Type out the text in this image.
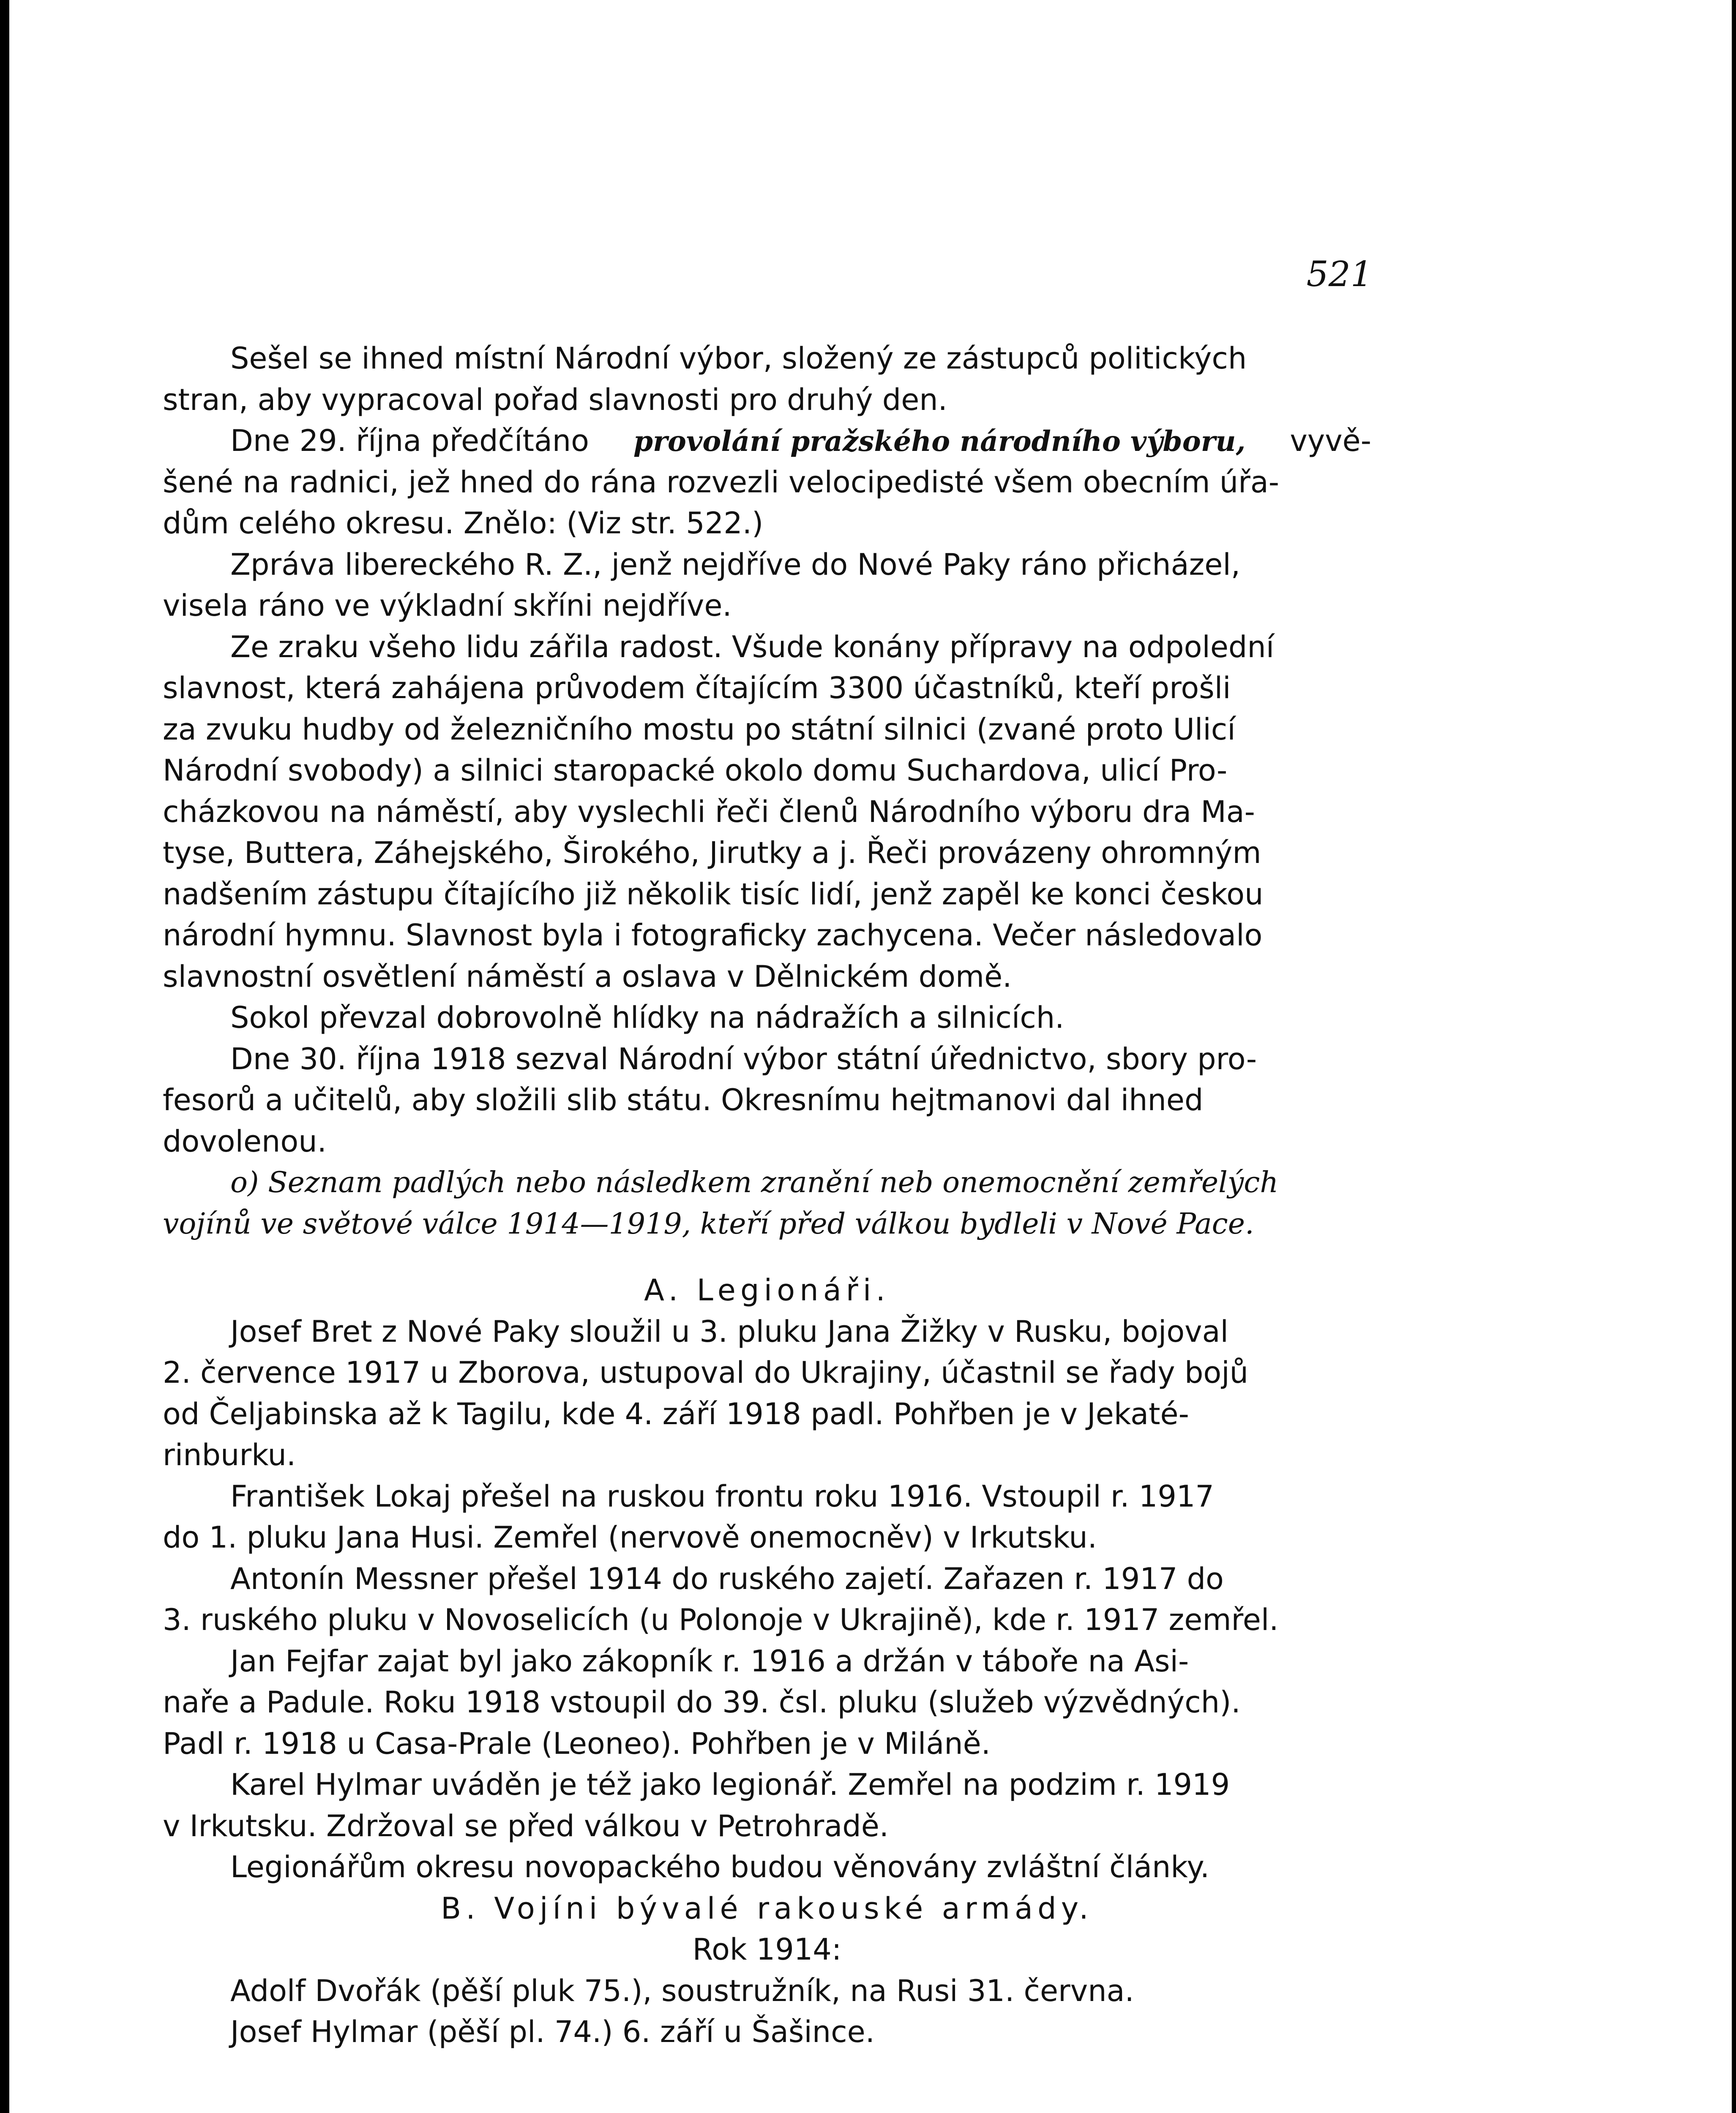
521
Sešel se ihned místní Národní výbor, složený ze zástupců politických
stran, aby vypracoval pořad slavnosti pro druhý den.
Dne 29. října předčítáno provolání pražského národního výboru, vyvě-
šené na radnici, jež hned do rána rozvezli velocipedisté všem obecním úřa-
dům celého okresu. Znělo: (Viz str. 522.)
Zpráva libereckého R. Z., jenž nejdříve do Nové Paky ráno přicházel,
visela ráno ve výkladní skříni nejdříve.
Ze zraku všeho lidu zářila radost. Všude konány přípravy na odpolední
slavnost, která zahájena průvodem čítajícím 3300 účastníků, kteří prošli
za zvuku hudby od železničního mostu po státní silnici (zvané proto Ulicí
Národní svobody) a silnici staropacké okolo domu Suchardova, ulicí Pro-
cházkovou na náměstí, aby vyslechli řeči členů Národního výboru dra Ma-
tyse, Buttera, Záhejského, Širokého, Jirutky a j. Řeči provázeny ohromným
nadšením zástupu čítajícího již několik tisíc lidí, jenž zapěl ke konci českou
národní hymnu. Slavnost byla i fotograficky zachycena. Večer následovalo
slavnostní osvětlení náměstí a oslava v Dělnickém domě.
Sokol převzal dobrovolně hlídky na nádražích a silnicích.
Dne 30. října 1918 sezval Národní výbor státní úřednictvo, sbory pro-
fesorů a učitelů, aby složili slib státu. Okresnímu hejtmanovi dal ihned
dovolenou.
o) Seznam padlých nebo následkem zranění neb onemocnění zemřelých
vojínů ve světové válce 1914—1919, kteří před válkou bydleli v Nové Pace.
A. Legionáři.
Josef Bret z Nové Paky sloužil u 3. pluku Jana Žižky v Rusku, bojoval
2. července 1917 u Zborova, ustupoval do Ukrajiny, účastnil se řady bojů
od Čeljabinska až k Tagilu, kde 4. září 1918 padl. Pohřben je v Jekaté-
rinburku.
František Lokaj přešel na ruskou frontu roku 1916. Vstoupil r. 1917
do 1. pluku Jana Husi. Zemřel (nervově onemocněv) v Irkutsku.
Antonín Messner přešel 1914 do ruského zajetí. Zařazen r. 1917 do
3. ruského pluku v Novoselicích (u Polonoje v Ukrajině), kde r. 1917 zemřel.
Jan Fejfar zajat byl jako zákopník r. 1916 a držán v táboře na Asi-
naře a Padule. Roku 1918 vstoupil do 39. čsl. pluku (služeb výzvědných).
Padl r. 1918 u Casa-Prale (Leoneo). Pohřben je v Miláně.
Karel Hylmar uváděn je též jako legionář. Zemřel na podzim r. 1919
v Irkutsku. Zdržoval se před válkou v Petrohradě.
Legionářům okresu novopackého budou věnovány zvláštní články.
B. Vojíni bývalé rakouské armády.
Rok 1914:
Adolf Dvořák (pěší pluk 75.), soustružník, na Rusi 31. června.
Josef Hylmar (pěší pl. 74.) 6. září u Šašince.
